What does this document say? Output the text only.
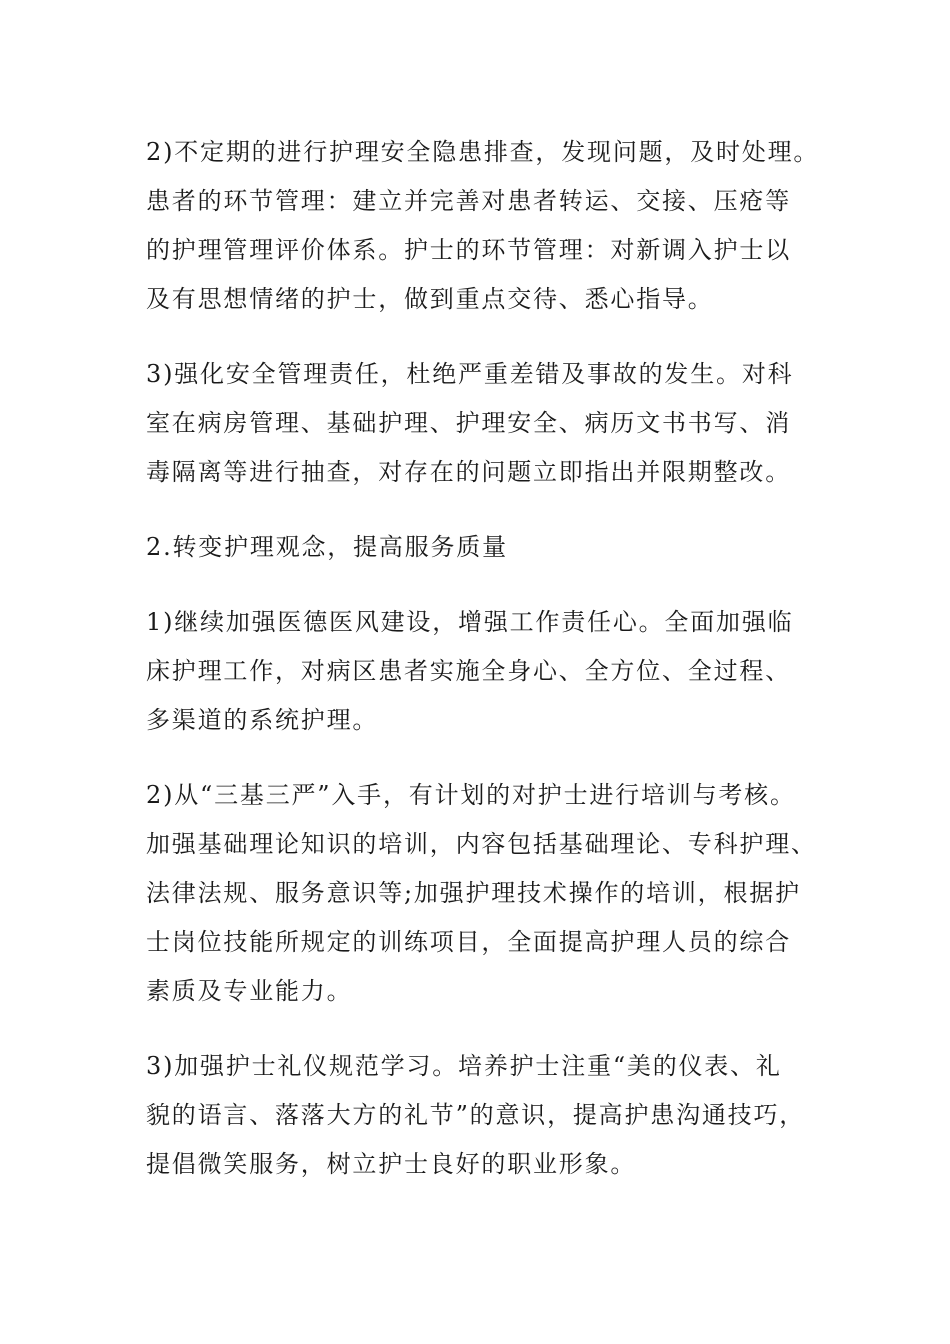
2)不定期的进行护理安全隐患排查，发现问题，及时处理。
患者的环节管理：建立并完善对患者转运、交接、压疮等
的护理管理评价体系。护士的环节管理：对新调入护士以
及有思想情绪的护士，做到重点交待、悉心指导。

3)强化安全管理责任，杜绝严重差错及事故的发生。对科
室在病房管理、基础护理、护理安全、病历文书书写、消
毒隔离等进行抽查，对存在的问题立即指出并限期整改。

2.转变护理观念，提高服务质量

1)继续加强医德医风建设，增强工作责任心。全面加强临
床护理工作，对病区患者实施全身心、全方位、全过程、
多渠道的系统护理。

2)从“三基三严”入手，有计划的对护士进行培训与考核。
加强基础理论知识的培训，内容包括基础理论、专科护理、
法律法规、服务意识等;加强护理技术操作的培训，根据护
士岗位技能所规定的训练项目，全面提高护理人员的综合
素质及专业能力。

3)加强护士礼仪规范学习。培养护士注重“美的仪表、礼
貌的语言、落落大方的礼节”的意识，提高护患沟通技巧，
提倡微笑服务，树立护士良好的职业形象。
